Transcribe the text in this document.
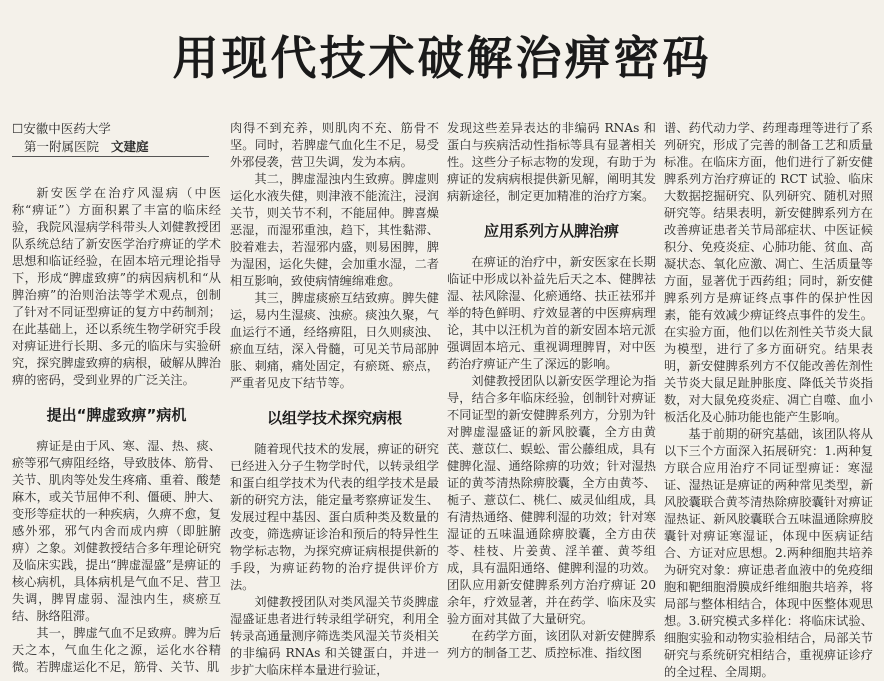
用现代技术破解治痹密码
☐安徽中医药大学
第一附属医院 文建庭

新安医学在治疗风湿病（中医称“痹证”）方面积累了丰富的临床经验，我院风湿病学科带头人刘健教授团队系统总结了新安医学治疗痹证的学术思想和临证经验，在固本培元理论指导下，形成“脾虚致痹”的病因病机和“从脾治痹”的治则治法等学术观点，创制了针对不同证型痹证的复方中药制剂；在此基础上，还以系统生物学研究手段对痹证进行长期、多元的临床与实验研究，探究脾虚致痹的病根，破解从脾治痹的密码，受到业界的广泛关注。

提出“脾虚致痹”病机

痹证是由于风、寒、湿、热、痰、瘀等邪气痹阻经络，导致肢体、筋骨、关节、肌肉等处发生疼痛、重着、酸楚麻木，或关节屈伸不利、僵硬、肿大、变形等症状的一种疾病，久痹不愈，复感外邪，邪气内舍而成内痹（即脏腑痹）之象。刘健教授结合多年理论研究及临床实践，提出“脾虚湿盛”是痹证的核心病机，具体病机是气血不足、营卫失调，脾胃虚弱、湿浊内生，痰瘀互结、脉络阻滞。

其一，脾虚气血不足致痹。脾为后天之本，气血生化之源，运化水谷精微。若脾虚运化不足，筋骨、关节、肌

肉得不到充养，则肌肉不充、筋骨不坚。同时，若脾虚气血化生不足，易受外邪侵袭，营卫失调，发为本病。

其二，脾虚湿浊内生致痹。脾虚则运化水液失健，则津液不能流注，浸润关节，则关节不利，不能屈伸。脾喜燥恶湿，而湿邪重浊，趋下，其性黏滞、胶着难去，若湿邪内盛，则易困脾，脾为湿困，运化失健，会加重水湿，二者相互影响，致使病情缠绵难愈。

其三，脾虚痰瘀互结致痹。脾失健运，易内生湿痰、浊瘀。痰浊久聚，气血运行不通，经络痹阻，日久则痰浊、瘀血互结，深入骨髓，可见关节局部肿胀、刺痛，痛处固定，有瘀斑、瘀点，严重者见皮下结节等。

以组学技术探究病根

随着现代技术的发展，痹证的研究已经进入分子生物学时代，以转录组学和蛋白组学技术为代表的组学技术是最新的研究方法，能定量考察痹证发生、发展过程中基因、蛋白质种类及数量的改变，筛选痹证诊治和预后的特异性生物学标志物，为探究痹证病根提供新的手段，为痹证药物的治疗提供评价方法。

刘健教授团队对类风湿关节炎脾虚湿盛证患者进行转录组学研究，利用全转录高通量测序筛选类风湿关节炎相关的非编码 RNAs 和关键蛋白，并进一步扩大临床样本量进行验证，

发现这些差异表达的非编码 RNAs 和蛋白与疾病活动性指标等具有显著相关性。这些分子标志物的发现，有助于为痹证的发病病根提供新见解，阐明其发病新途径，制定更加精准的治疗方案。

应用系列方从脾治痹

在痹证的治疗中，新安医家在长期临证中形成以补益先后天之本、健脾祛湿、祛风除湿、化瘀通络、扶正祛邪并举的特色鲜明、疗效显著的中医痹病理论，其中以汪机为首的新安固本培元派强调固本培元、重视调理脾胃，对中医药治疗痹证产生了深远的影响。

刘健教授团队以新安医学理论为指导，结合多年临床经验，创制针对痹证不同证型的新安健脾系列方，分别为针对脾虚湿盛证的新风胶囊，全方由黄芪、薏苡仁、蜈蚣、雷公藤组成，具有健脾化湿、通络除痹的功效；针对湿热证的黄芩清热除痹胶囊，全方由黄芩、栀子、薏苡仁、桃仁、威灵仙组成，具有清热通络、健脾利湿的功效；针对寒湿证的五味温通除痹胶囊，全方由茯苓、桂枝、片姜黄、淫羊藿、黄芩组成，具有温阳通络、健脾利湿的功效。团队应用新安健脾系列方治疗痹证 20 余年，疗效显著，并在药学、临床及实验方面对其做了大量研究。

在药学方面，该团队对新安健脾系列方的制备工艺、质控标准、指纹图

谱、药代动力学、药理毒理等进行了系列研究，形成了完善的制备工艺和质量标准。在临床方面，他们进行了新安健脾系列方治疗痹证的 RCT 试验、临床大数据挖掘研究、队列研究、随机对照研究等。结果表明，新安健脾系列方在改善痹证患者关节局部症状、中医证候积分、免疫炎症、心肺功能、贫血、高凝状态、氧化应激、凋亡、生活质量等方面，显著优于西药组；同时，新安健脾系列方是痹证终点事件的保护性因素，能有效减少痹证终点事件的发生。在实验方面，他们以佐剂性关节炎大鼠为模型，进行了多方面研究。结果表明，新安健脾系列方不仅能改善佐剂性关节炎大鼠足趾肿胀度、降低关节炎指数，对大鼠免疫炎症、凋亡自噬、血小板活化及心肺功能也能产生影响。

基于前期的研究基础，该团队将从以下三个方面深入拓展研究：1.两种复方联合应用治疗不同证型痹证：寒湿证、湿热证是痹证的两种常见类型，新风胶囊联合黄芩清热除痹胶囊针对痹证湿热证、新风胶囊联合五味温通除痹胶囊针对痹证寒湿证，体现中医病证结合、方证对应思想。2.两种细胞共培养为研究对象：痹证患者血液中的免疫细胞和靶细胞滑膜成纤维细胞共培养，将局部与整体相结合，体现中医整体观思想。3.研究模式多样化：将临床试验、细胞实验和动物实验相结合，局部关节研究与系统研究相结合，重视痹证诊疗的全过程、全周期。
